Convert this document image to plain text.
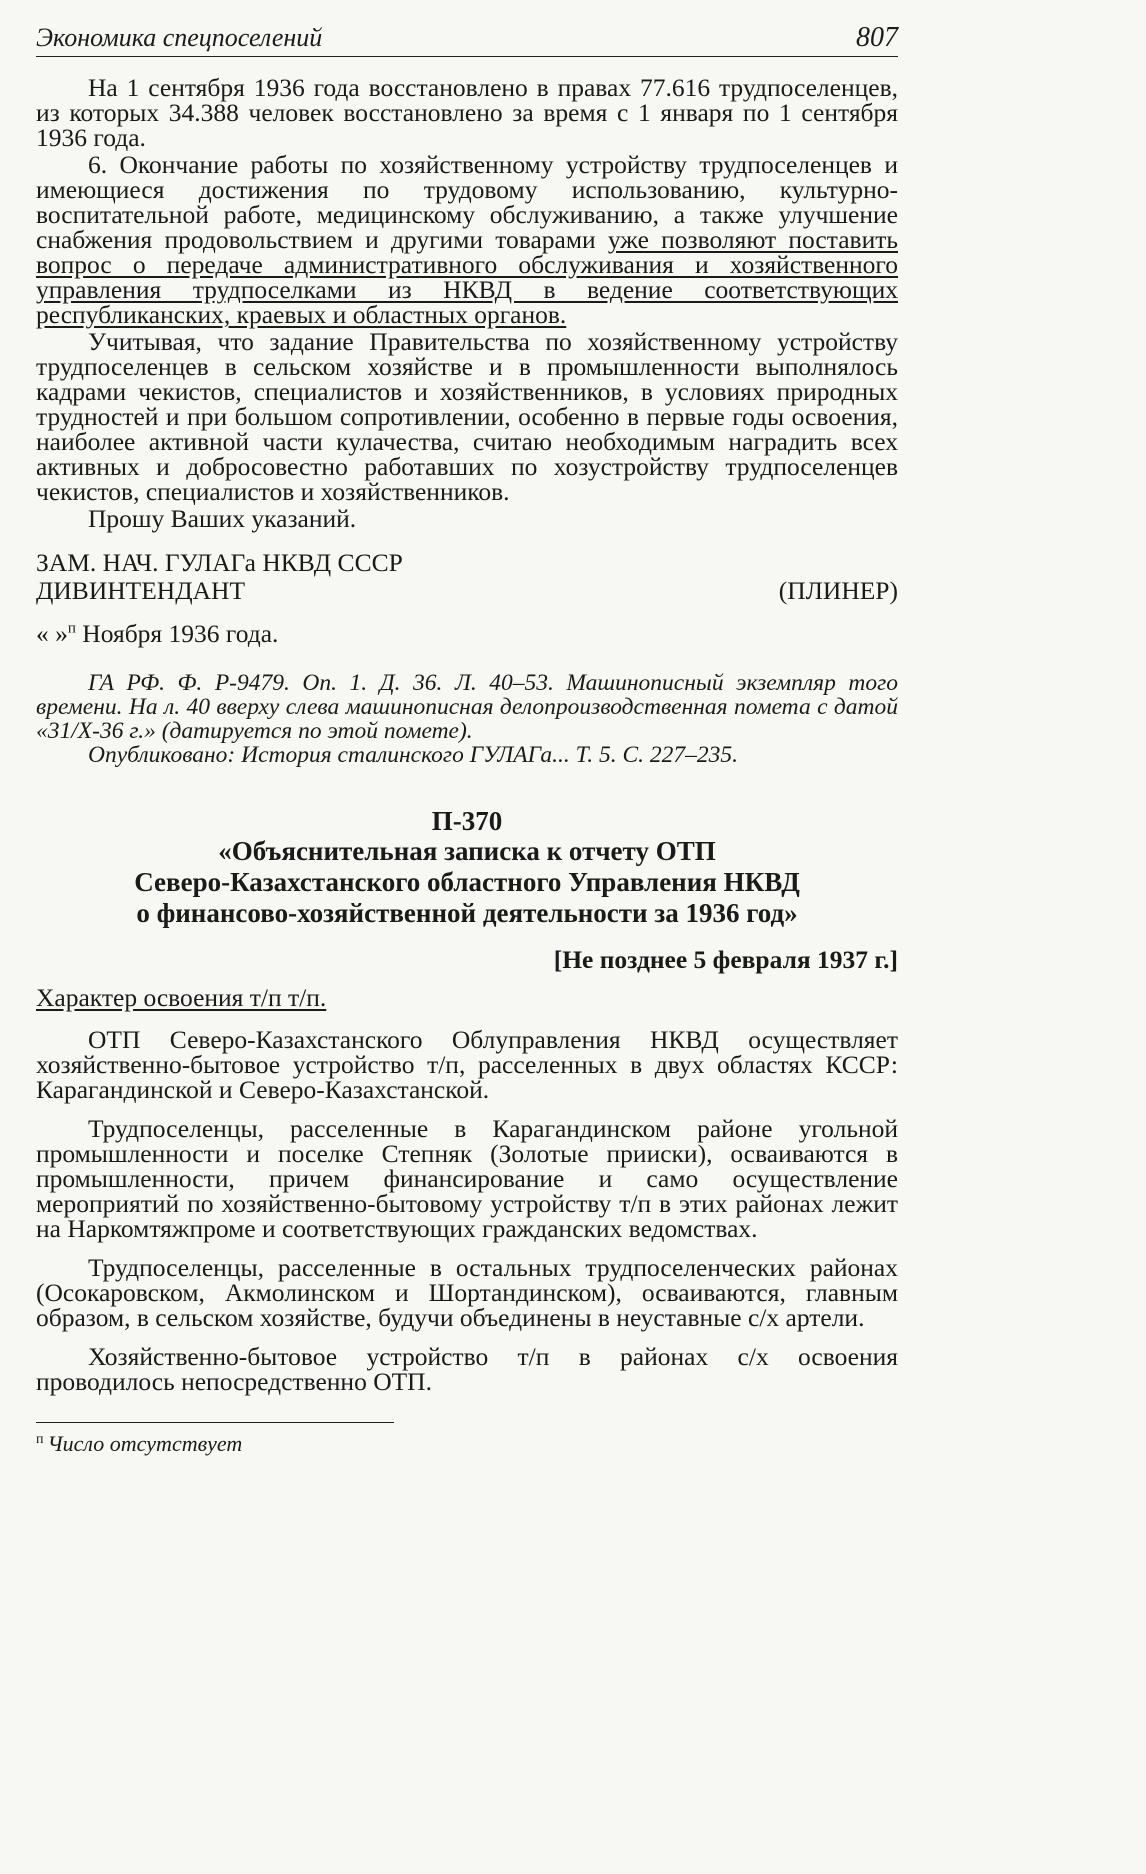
Экономика спецпоселений	807

На 1 сентября 1936 года восстановлено в правах 77.616 трудпоселенцев, из которых 34.388 человек восстановлено за время с 1 января по 1 сентября 1936 года.

6. Окончание работы по хозяйственному устройству трудпоселенцев и имеющиеся достижения по трудовому использованию, культурно-воспитательной работе, медицинскому обслуживанию, а также улучшение снабжения продовольствием и другими товарами уже позволяют поставить вопрос о передаче административного обслуживания и хозяйственного управления трудпоселками из НКВД в ведение соответствующих республиканских, краевых и областных органов.

Учитывая, что задание Правительства по хозяйственному устройству трудпоселенцев в сельском хозяйстве и в промышленности выполнялось кадрами чекистов, специалистов и хозяйственников, в условиях природных трудностей и при большом сопротивлении, особенно в первые годы освоения, наиболее активной части кулачества, считаю необходимым наградить всех активных и добросовестно работавших по хозустройству трудпоселенцев чекистов, специалистов и хозяйственников.

Прошу Ваших указаний.

ЗАМ. НАЧ. ГУЛАГа НКВД СССР
ДИВИНТЕНДАНТ	(ПЛИНЕР)
« »$^п$ Ноября 1936 года.

ГА РФ. Ф. Р-9479. Оп. 1. Д. 36. Л. 40–53. Машинописный экземпляр того времени. На л. 40 вверху слева машинописная делопроизводственная помета с датой «31/Х-36 г.» (датируется по этой помете).

Опубликовано: История сталинского ГУЛАГа... Т. 5. С. 227–235.

П-370
«Объяснительная записка к отчету ОТП
Северо-Казахстанского областного Управления НКВД
о финансово-хозяйственной деятельности за 1936 год»
[Не позднее 5 февраля 1937 г.]
Характер освоения т/п т/п.

ОТП Северо-Казахстанского Облуправления НКВД осуществляет хозяйственно-бытовое устройство т/п, расселенных в двух областях КССР: Карагандинской и Северо-Казахстанской.

Трудпоселенцы, расселенные в Карагандинском районе угольной промышленности и поселке Степняк (Золотые прииски), осваиваются в промышленности, причем финансирование и само осуществление мероприятий по хозяйственно-бытовому устройству т/п в этих районах лежит на Наркомтяжпроме и соответствующих гражданских ведомствах.

Трудпоселенцы, расселенные в остальных трудпоселенческих районах (Осокаровском, Акмолинском и Шортандинском), осваиваются, главным образом, в сельском хозяйстве, будучи объединены в неуставные с/х артели.

Хозяйственно-бытовое устройство т/п в районах с/х освоения проводилось непосредственно ОТП.

$^п$ Число отсутствует
